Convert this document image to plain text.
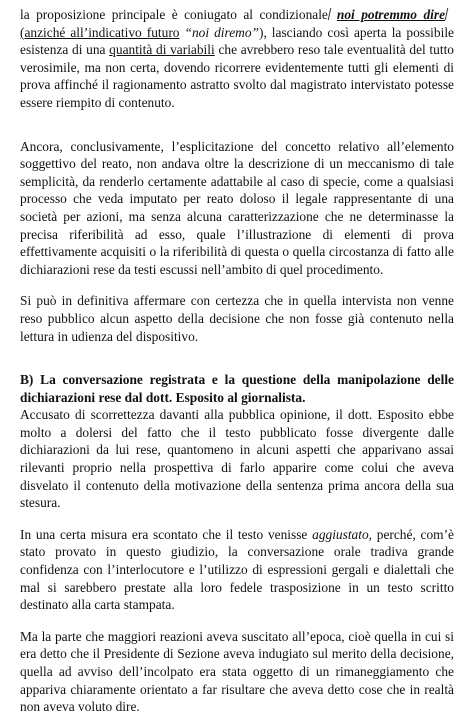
la proposizione principale è coniugato al condizionale noi potremmo dire (anziché all’indicativo futuro “noi diremo”), lasciando così aperta la possibile esistenza di una quantità di variabili che avrebbero reso tale eventualità del tutto verosimile, ma non certa, dovendo ricorrere evidentemente tutti gli elementi di prova affinché il ragionamento astratto svolto dal magistrato intervistato potesse essere riempito di contenuto.

Ancora, conclusivamente, l’esplicitazione del concetto relativo all’elemento soggettivo del reato, non andava oltre la descrizione di un meccanismo di tale semplicità, da renderlo certamente adattabile al caso di specie, come a qualsiasi processo che veda imputato per reato doloso il legale rappresentante di una società per azioni, ma senza alcuna caratterizzazione che ne determinasse la precisa riferibilità ad esso, quale l’illustrazione di elementi di prova effettivamente acquisiti o la riferibilità di questa o quella circostanza di fatto alle dichiarazioni rese da testi escussi nell’ambito di quel procedimento.

Si può in definitiva affermare con certezza che in quella intervista non venne reso pubblico alcun aspetto della decisione che non fosse già contenuto nella lettura in udienza del dispositivo.

B) La conversazione registrata e la questione della manipolazione delle dichiarazioni rese dal dott. Esposito al giornalista.

Accusato di scorrettezza davanti alla pubblica opinione, il dott. Esposito ebbe molto a dolersi del fatto che il testo pubblicato fosse divergente dalle dichiarazioni da lui rese, quantomeno in alcuni aspetti che apparivano assai rilevanti proprio nella prospettiva di farlo apparire come colui che aveva disvelato il contenuto della motivazione della sentenza prima ancora della sua stesura.

In una certa misura era scontato che il testo venisse aggiustato, perché, com’è stato provato in questo giudizio, la conversazione orale tradiva grande confidenza con l’interlocutore e l’utilizzo di espressioni gergali e dialettali che mal si sarebbero prestate alla loro fedele trasposizione in un testo scritto destinato alla carta stampata.

Ma la parte che maggiori reazioni aveva suscitato all’epoca, cioè quella in cui si era detto che il Presidente di Sezione aveva indugiato sul merito della decisione, quella ad avviso dell’incolpato era stata oggetto di un rimaneggiamento che appariva chiaramente orientato a far risultare che aveva detto cose che in realtà non aveva voluto dire.
